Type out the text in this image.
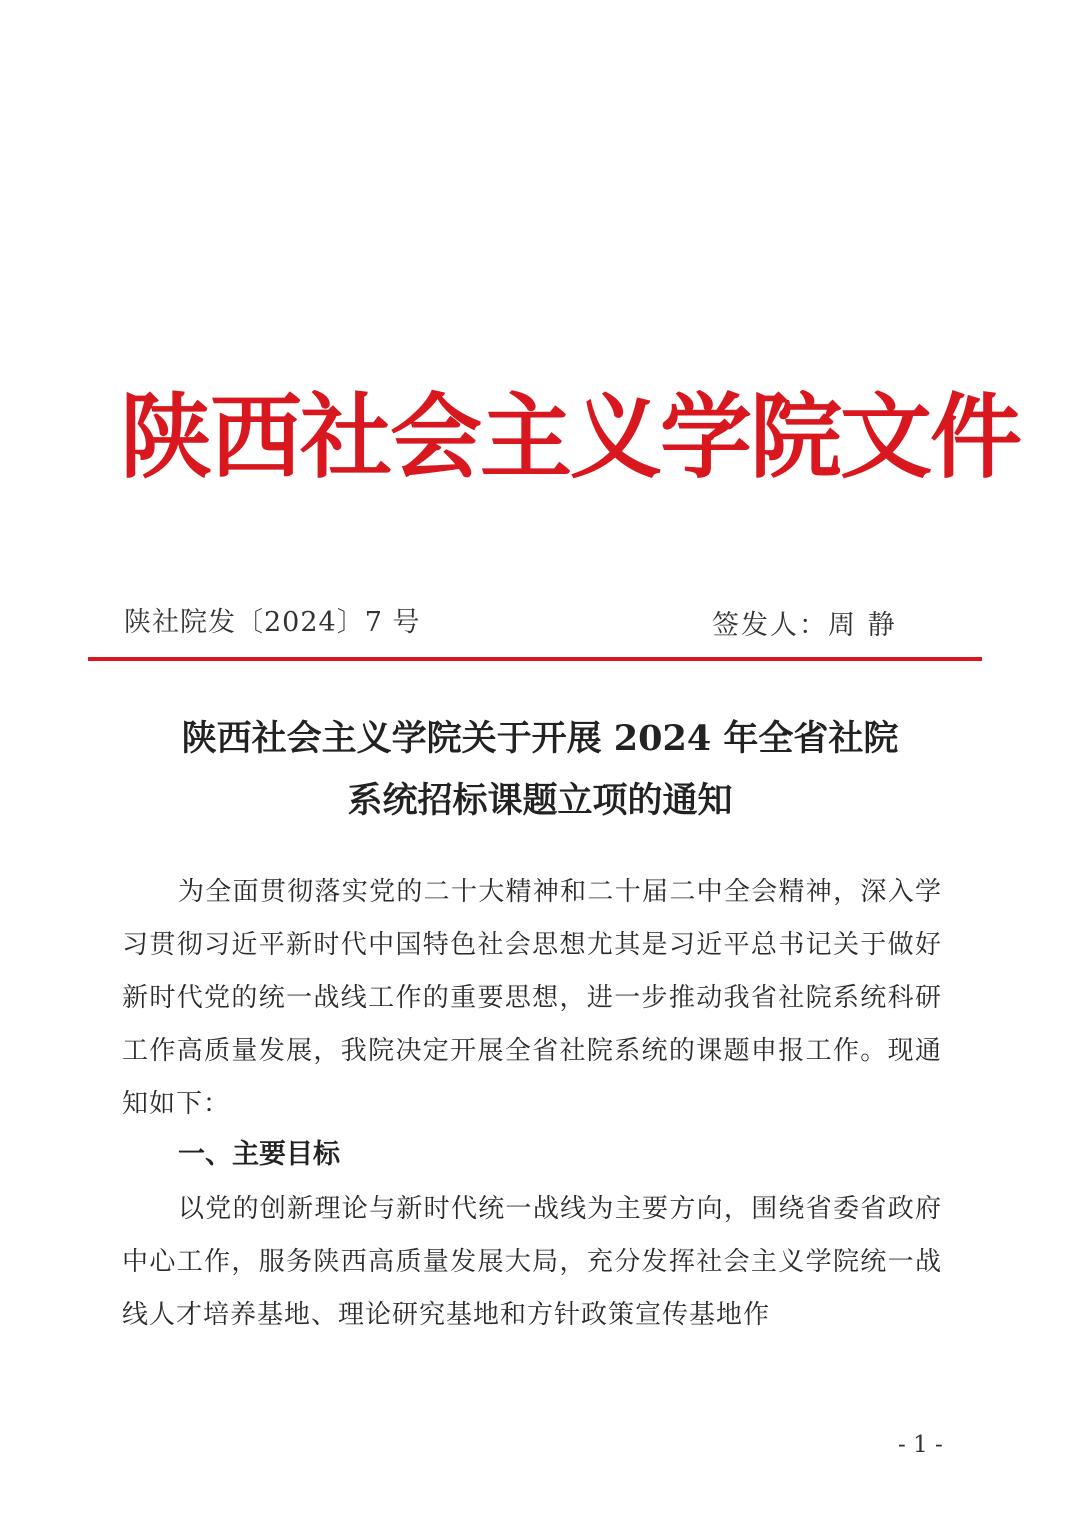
陕西社会主义学院文件
陕社院发〔2024〕7 号	签发人：周 静
陕西社会主义学院关于开展 2024 年全省社院
系统招标课题立项的通知
为全面贯彻落实党的二十大精神和二十届二中全会精神，深入学习贯彻习近平新时代中国特色社会思想尤其是习近平总书记关于做好新时代党的统一战线工作的重要思想，进一步推动我省社院系统科研工作高质量发展，我院决定开展全省社院系统的课题申报工作。现通知如下：
一、主要目标
以党的创新理论与新时代统一战线为主要方向，围绕省委省政府中心工作，服务陕西高质量发展大局，充分发挥社会主义学院统一战线人才培养基地、理论研究基地和方针政策宣传基地作
- 1 -
